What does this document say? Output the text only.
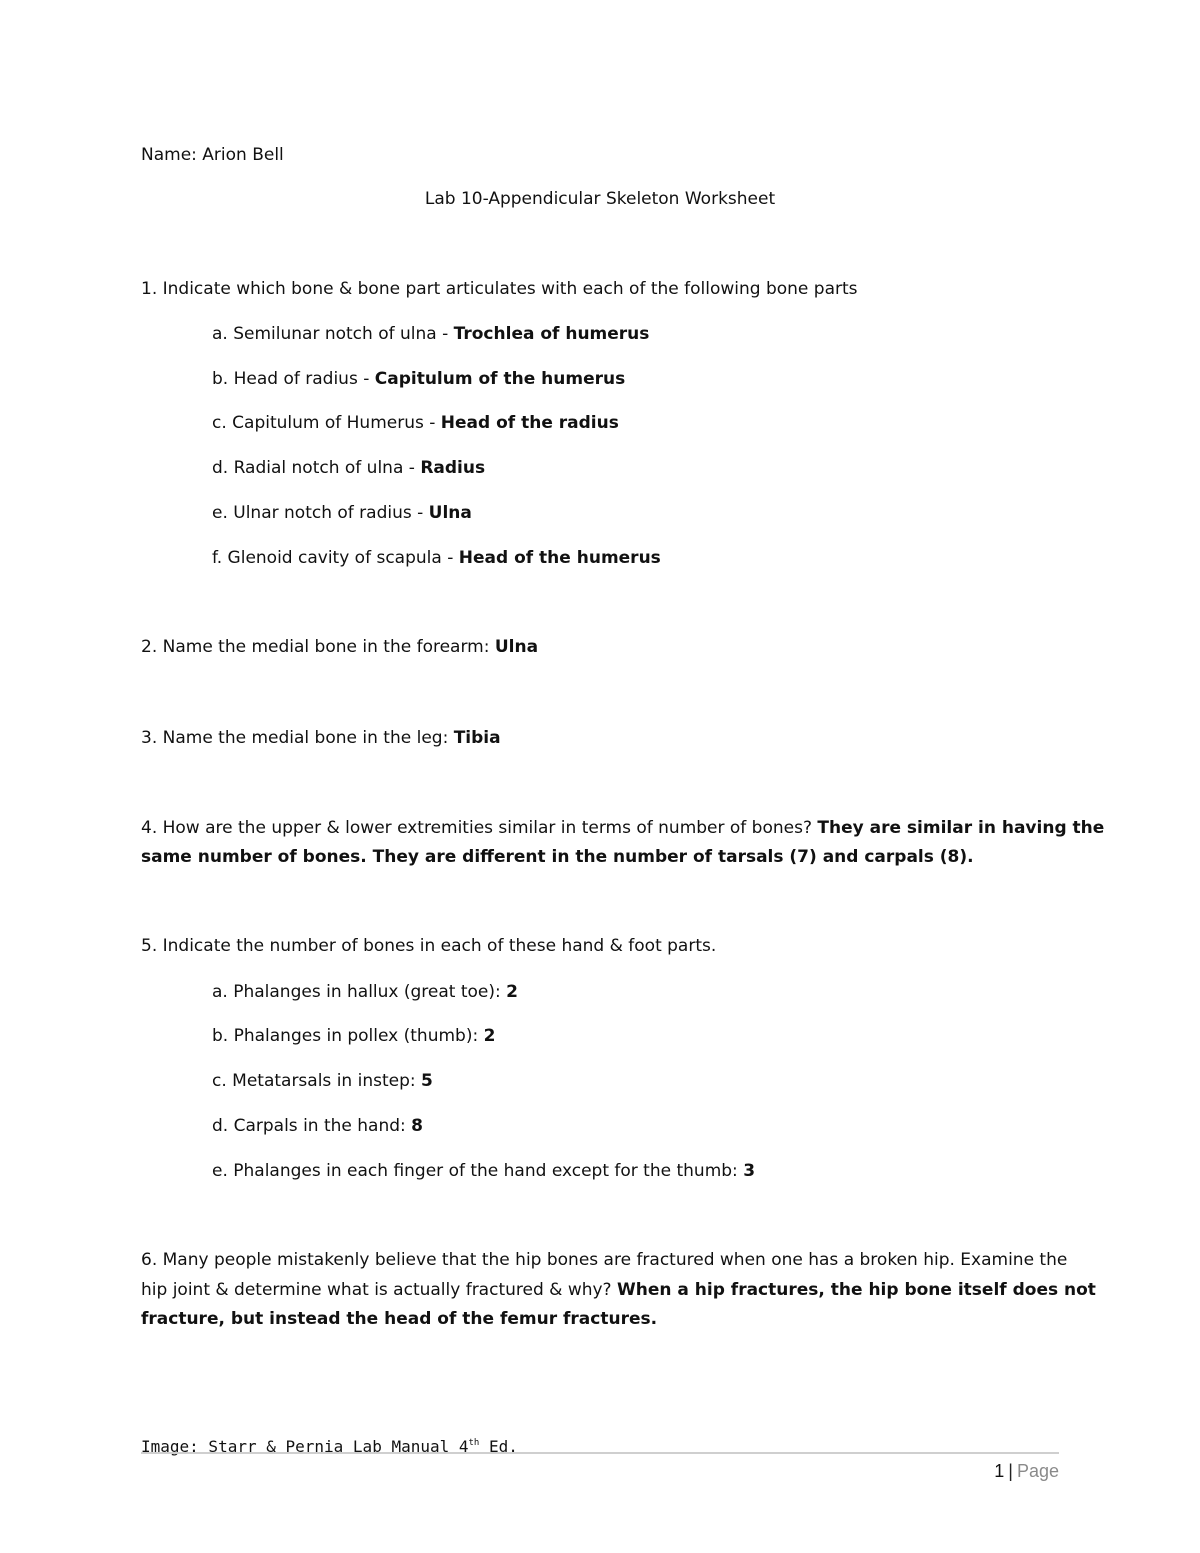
Name: Arion Bell
Lab 10-Appendicular Skeleton Worksheet
1. Indicate which bone & bone part articulates with each of the following bone parts
a. Semilunar notch of ulna - Trochlea of humerus
b. Head of radius - Capitulum of the humerus
c. Capitulum of Humerus - Head of the radius
d. Radial notch of ulna - Radius
e. Ulnar notch of radius - Ulna
f. Glenoid cavity of scapula - Head of the humerus
2. Name the medial bone in the forearm: Ulna
3. Name the medial bone in the leg: Tibia
4. How are the upper & lower extremities similar in terms of number of bones? They are similar in having the
same number of bones. They are different in the number of tarsals (7) and carpals (8).
5. Indicate the number of bones in each of these hand & foot parts.
a. Phalanges in hallux (great toe): 2
b. Phalanges in pollex (thumb): 2
c. Metatarsals in instep: 5
d. Carpals in the hand: 8
e. Phalanges in each finger of the hand except for the thumb: 3
6. Many people mistakenly believe that the hip bones are fractured when one has a broken hip. Examine the
hip joint & determine what is actually fractured & why? When a hip fractures, the hip bone itself does not
fracture, but instead the head of the femur fractures.
Image: Starr & Pernia Lab Manual 4th Ed.
1 | Page
